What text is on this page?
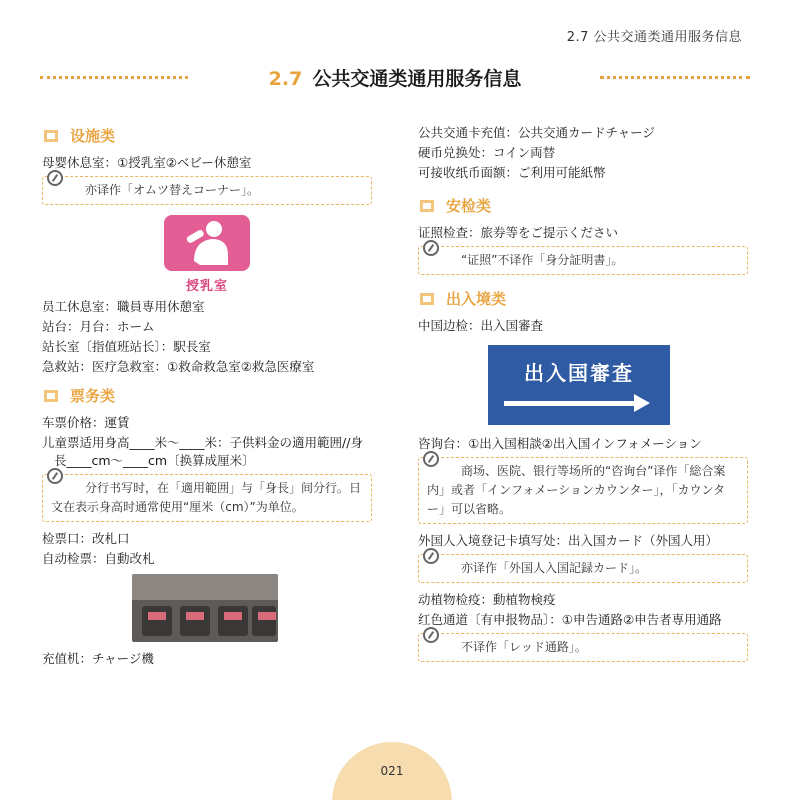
2.7 公共交通类通用服务信息
2.7 公共交通类通用服务信息
设施类
母婴休息室：①授乳室②ベビー休憩室
亦译作「オムツ替えコーナー」。
授乳室
员工休息室：職員専用休憩室
站台：月台：ホーム
站长室〔指值班站长〕：駅長室
急救站：医疗急救室：①救命救急室②救急医療室
票务类
车票价格：運賃
儿童票适用身高____米～____米：子供料金の適用範囲//身長____cm～____cm〔换算成厘米〕
分行书写时，在「適用範囲」与「身長」间分行。日文在表示身高时通常使用“厘米（cm）”为单位。
检票口：改札口
自动检票：自動改札
充值机：チャージ機
公共交通卡充值：公共交通カードチャージ
硬币兑换处：コイン両替
可接收纸币面额：ご利用可能紙幣
安检类
证照检查：旅券等をご提示ください
“证照”不译作「身分証明書」。
出入境类
中国边检：出入国審査
出入国審査
咨询台：①出入国相談②出入国インフォメーション
商场、医院、银行等场所的“咨询台”译作「総合案内」或者「インフォメーションカウンター」，「カウンター」可以省略。
外国人入境登记卡填写处：出入国カード（外国人用）
亦译作「外国人入国記録カード」。
动植物检疫：動植物検疫
红色通道〔有申报物品〕：①申告通路②申告者専用通路
不译作「レッド通路」。
021
